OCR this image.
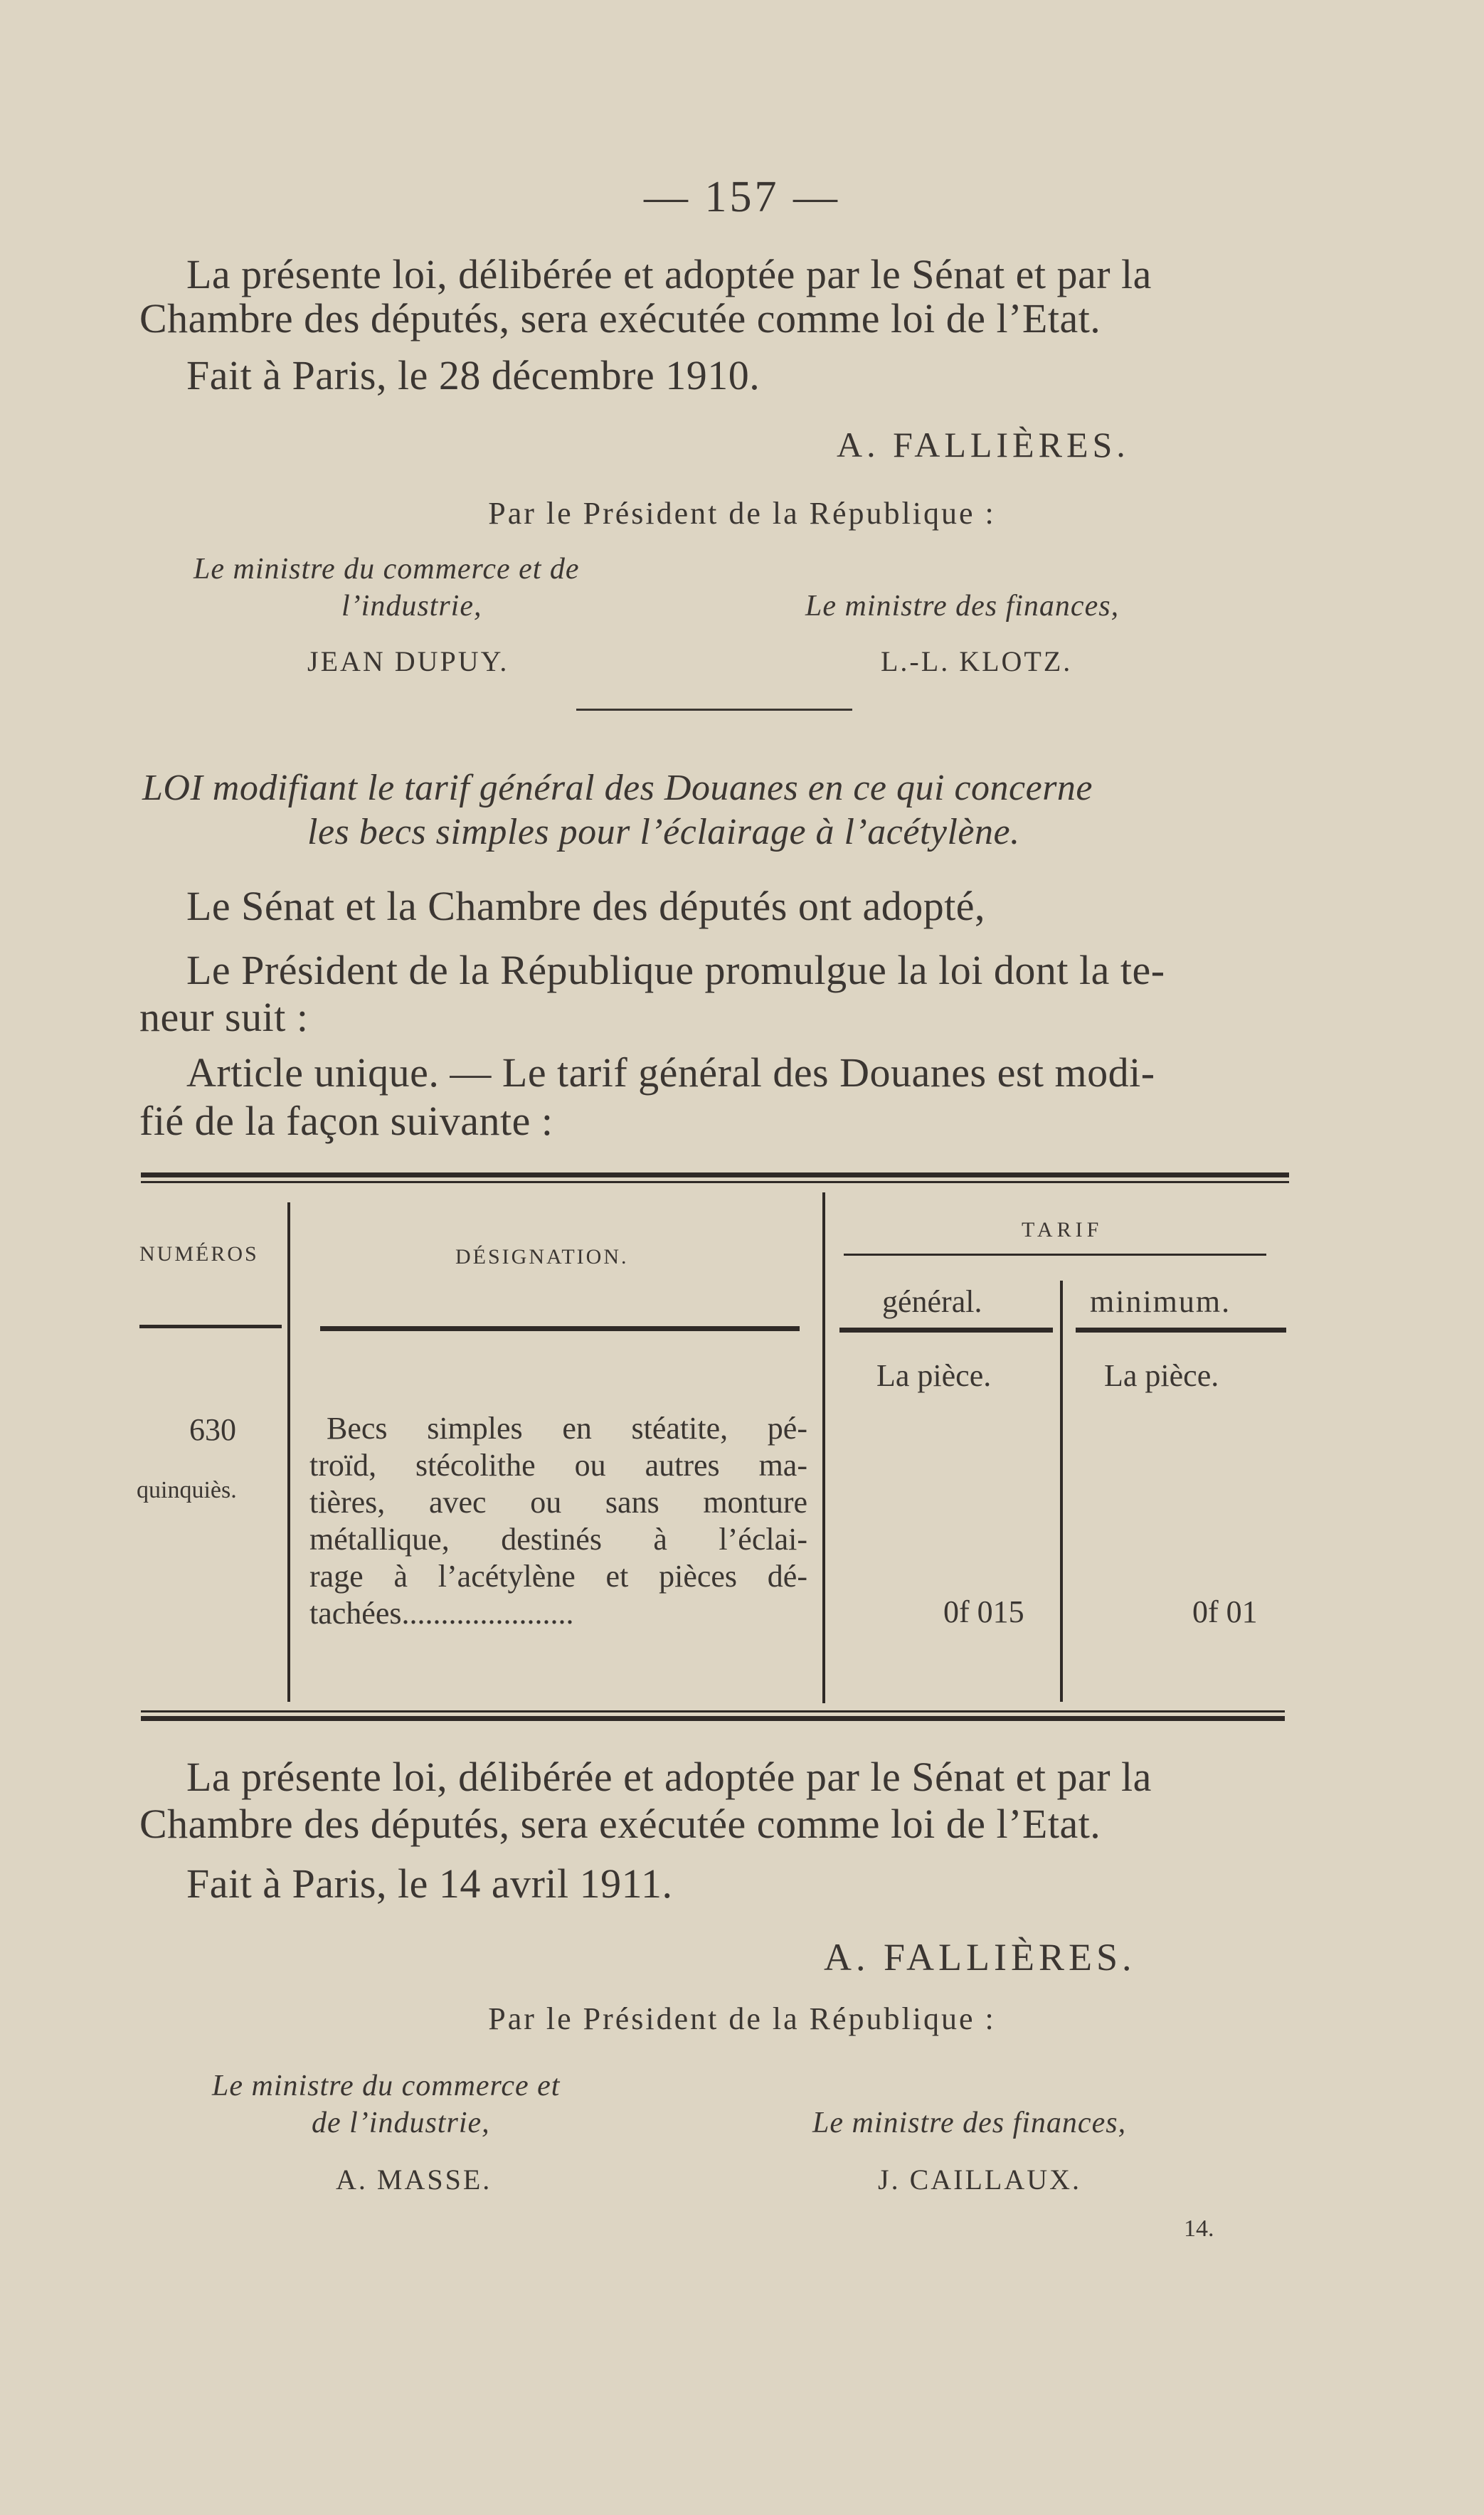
— 157 —
La présente loi, délibérée et adoptée par le Sénat et par la
Chambre des députés, sera exécutée comme loi de l’Etat.
Fait à Paris, le 28 décembre 1910.
A. FALLIÈRES.
Par le Président de la République :
Le ministre du commerce et de
l’industrie,	Le ministre des finances,
JEAN DUPUY.	L.-L. KLOTZ.
LOI modifiant le tarif général des Douanes en ce qui concerne
les becs simples pour l’éclairage à l’acétylène.
Le Sénat et la Chambre des députés ont adopté,
Le Président de la République promulgue la loi dont la te-
neur suit :
Article unique. — Le tarif général des Douanes est modi-
fié de la façon suivante :
NUMÉROS	DÉSIGNATION.
TARIF
général.	minimum.
La pièce.	La pièce.
630
quinquiès.
Becs simples en stéatite, pé-
troïd, stécolithe ou autres ma-
tières, avec ou sans monture
métallique, destinés à l’éclai-
rage à l’acétylène et pièces dé-
tachées......................	0f 015	0f 01
La présente loi, délibérée et adoptée par le Sénat et par la
Chambre des députés, sera exécutée comme loi de l’Etat.
Fait à Paris, le 14 avril 1911.
A. FALLIÈRES.
Par le Président de la République :
Le ministre du commerce et
de l’industrie,	Le ministre des finances,
A. MASSE.	J. CAILLAUX.
14.
